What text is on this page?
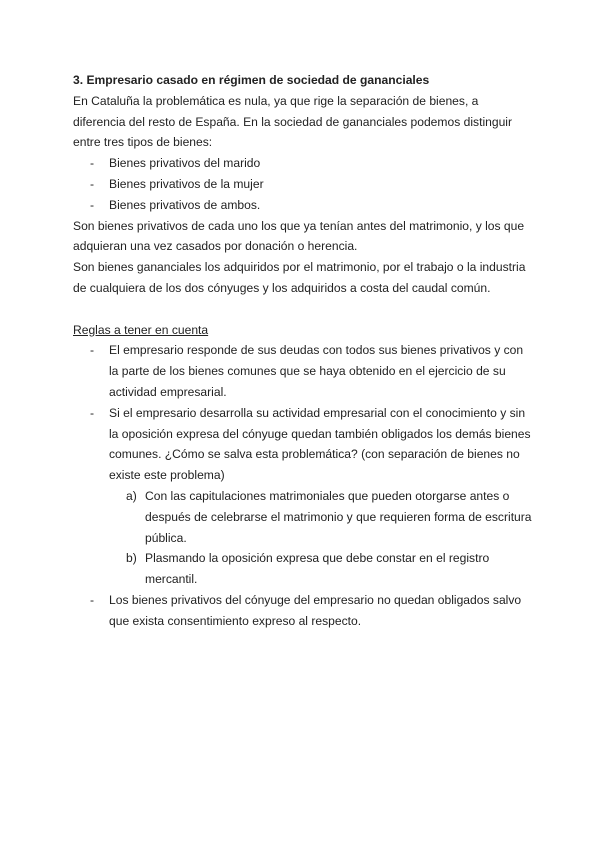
3. Empresario casado en régimen de sociedad de gananciales

En Cataluña la problemática es nula, ya que rige la separación de bienes, a diferencia del resto de España. En la sociedad de gananciales podemos distinguir entre tres tipos de bienes:

- Bienes privativos del marido
- Bienes privativos de la mujer
- Bienes privativos de ambos.

Son bienes privativos de cada uno los que ya tenían antes del matrimonio, y los que adquieran una vez casados por donación o herencia.

Son bienes gananciales los adquiridos por el matrimonio, por el trabajo o la industria de cualquiera de los dos cónyuges y los adquiridos a costa del caudal común.

Reglas a tener en cuenta

- El empresario responde de sus deudas con todos sus bienes privativos y con la parte de los bienes comunes que se haya obtenido en el ejercicio de su actividad empresarial.
- Si el empresario desarrolla su actividad empresarial con el conocimiento y sin la oposición expresa del cónyuge quedan también obligados los demás bienes comunes. ¿Cómo se salva esta problemática? (con separación de bienes no existe este problema)
a) Con las capitulaciones matrimoniales que pueden otorgarse antes o después de celebrarse el matrimonio y que requieren forma de escritura pública.
b) Plasmando la oposición expresa que debe constar en el registro mercantil.
- Los bienes privativos del cónyuge del empresario no quedan obligados salvo que exista consentimiento expreso al respecto.
